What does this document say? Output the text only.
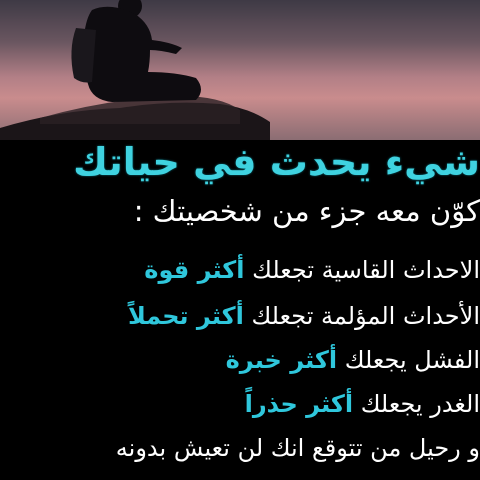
شيء يحدث في حياتك
كوّن معه جزء من شخصيتك :
الاحداث القاسية تجعلك أكثر قوة
الأحداث المؤلمة تجعلك أكثر تحملاً
الفشل يجعلك أكثر خبرة
الغدر يجعلك أكثر حذراً
و رحيل من تتوقع انك لن تعيش بدونه
